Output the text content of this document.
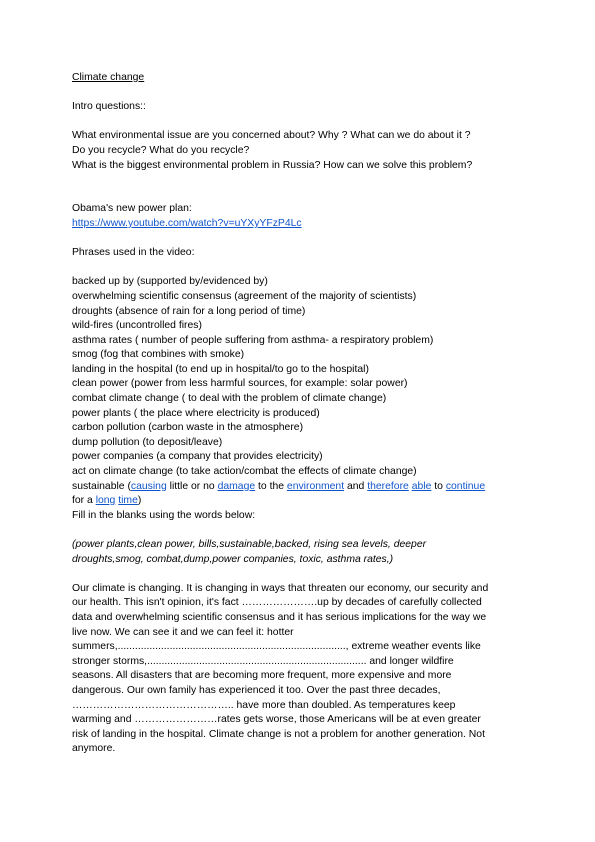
Climate change

Intro questions::

What environmental issue are you concerned about? Why ? What can we do about it ?
Do you recycle? What do you recycle?
What is the biggest environmental problem in Russia? How can we solve this problem?

Obama's new power plan:

https://www.youtube.com/watch?v=uYXyYFzP4Lc

Phrases used in the video:

backed up by (supported by/evidenced by)
overwhelming scientific consensus (agreement of the majority of scientists)
droughts (absence of rain for a long period of time)
wild-fires (uncontrolled fires)
asthma rates ( number of people suffering from asthma- a respiratory problem)
smog (fog that combines with smoke)
landing in the hospital (to end up in hospital/to go to the hospital)
clean power (power from less harmful sources, for example: solar power)
combat climate change ( to deal with the problem of climate change)
power plants ( the place where electricity is produced)
carbon pollution (carbon waste in the atmosphere)
dump pollution (to deposit/leave)
power companies (a company that provides electricity)
act on climate change (to take action/combat the effects of climate change)
sustainable (causing little or no damage to the environment and therefore able to continue
for a long time)

Fill in the blanks using the words below:

(power plants,clean power, bills,sustainable,backed, rising sea levels, deeper
droughts,smog, combat,dump,power companies, toxic, asthma rates,)
Our climate is changing. It is changing in ways that threaten our economy, our security and
our health. This isn't opinion, it's fact ………………….up by decades of carefully collected
data and overwhelming scientific consensus and it has serious implications for the way we
live now. We can see it and we can feel it: hotter
summers,..............................................................................., extreme weather events like
stronger storms,............................................................................ and longer wildfire
seasons. All disasters that are becoming more frequent, more expensive and more
dangerous. Our own family has experienced it too. Over the past three decades,
……………………………………….. have more than doubled. As temperatures keep
warming and ……………………rates gets worse, those Americans will be at even greater
risk of landing in the hospital. Climate change is not a problem for another generation. Not
anymore.
